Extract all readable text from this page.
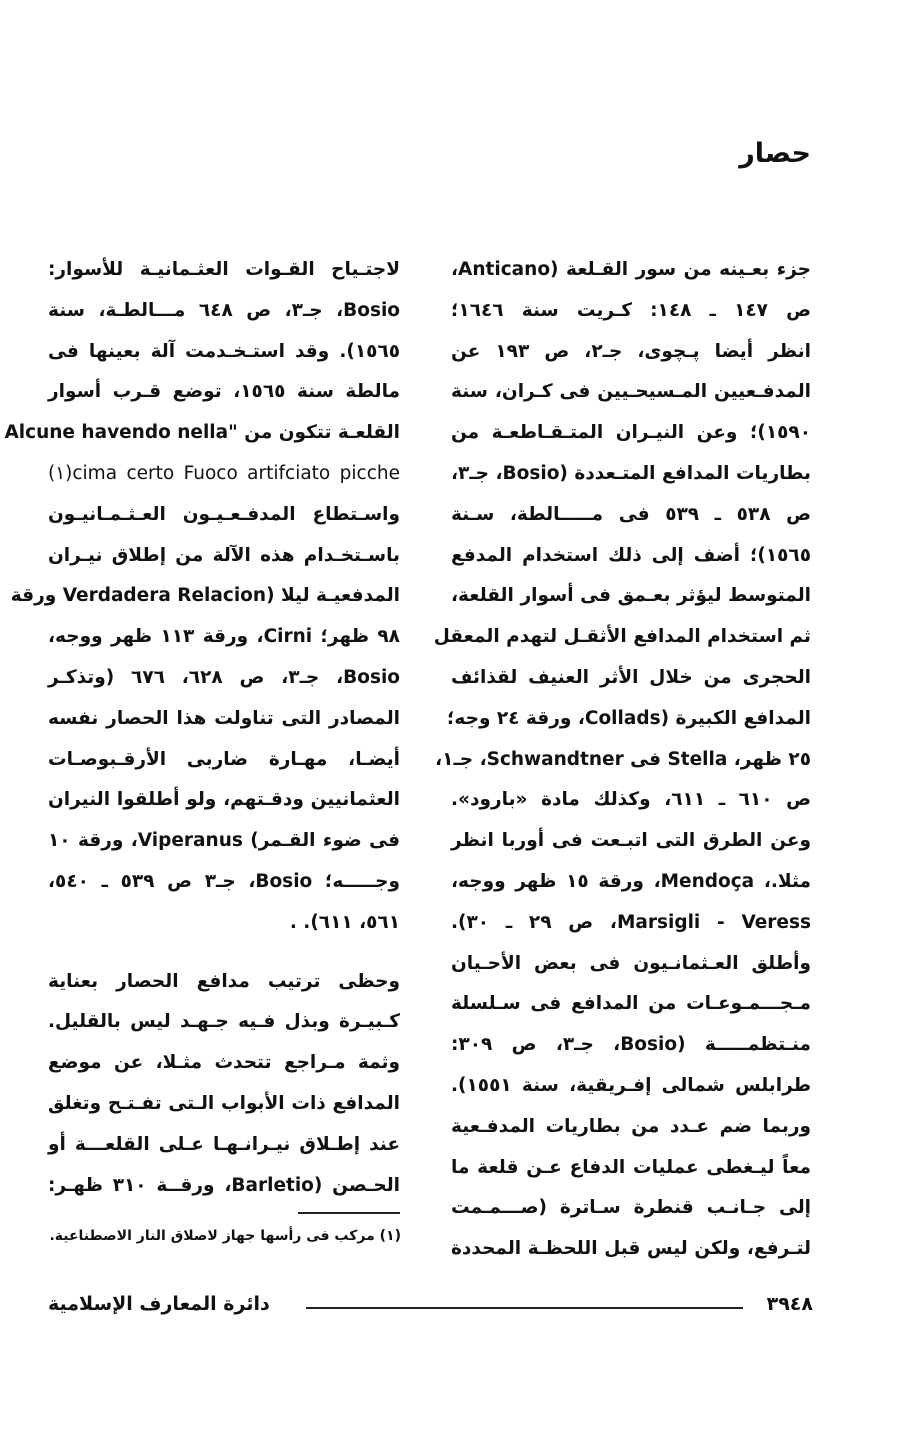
حصار
جزء بعـينه من سور القـلعة (Anticano،
ص ١٤٧ ـ ١٤٨: كـريت سنة ١٦٤٦؛
انظر أيضا پـچوى، جـ٢، ص ١٩٣ عن
المدفـعيين المـسيحـيين فى كـران، سنة
١٥٩٠)؛ وعن النيـران المتـقـاطعـة من
بطاريات المدافع المتـعددة (Bosio، جـ٣،
ص ٥٣٨ ـ ٥٣٩ فى مـــــالطة، سـنة
١٥٦٥)؛ أضف إلى ذلك استخدام المدفع
المتوسط ليؤثر بعـمق فى أسوار القلعة،
ثم استخدام المدافع الأثقـل لتهدم المعقل
الحجرى من خلال الأثر العنيف لقذائف
المدافع الكبيرة (Collads، ورقة ٢٤ وجه؛
٢٥ ظهر، Stella فى Schwandtner، جـ١،
ص ٦١٠ ـ ٦١١، وكذلك مادة «بارود».
وعن الطرق التى اتبـعت فى أوربا انظر
مثلا.، Mendoça، ورقة ١٥ ظهر ووجه،
Marsigli - Veress، ص ٢٩ ـ ٣٠).
وأطلق العـثمانـيون فى بعض الأحـيان
مـجـــمـوعـات من المدافع فى سـلسلة
منـتظمـــــة (Bosio، جـ٣، ص ٣٠٩:
طرابلس شمالى إفـريقية، سنة ١٥٥١).
وربما ضم عـدد من بطاريات المدفـعية
معاً ليـغطى عمليات الدفاع عـن قلعة ما
إلى جـانـب قنطرة سـاترة (صـــمـمت
لتـرفع، ولكن ليس قبل اللحظـة المحددة
لاجتـياح القـوات العثـمانيـة للأسوار:
Bosio، جـ٣، ص ٦٤٨ مـــالطـة، سنة
١٥٦٥). وقد استـخـدمت آلة بعينها فى
مالطة سنة ١٥٦٥، توضع قـرب أسوار
القلعـة تتكون من "Alcune havendo nella
cima certo Fuoco artifciato picche(١)
واسـتطاع المدفـعـيـون العـثـمـانيـون
باسـتخـدام هذه الآلة من إطلاق نيـران
المدفعيـة ليلا (Verdadera Relacion ورقة
٩٨ ظهر؛ Cirni، ورقة ١١٣ ظهر ووجه،
Bosio، جـ٣، ص ٦٢٨، ٦٧٦ (وتذكـر
المصادر التى تناولت هذا الحصار نفسه
أيضـا، مهـارة ضاربى الأرقـبوصـات
العثمانيين ودقـتهم، ولو أطلقوا النيران
فى ضوء القـمر) Viperanus، ورقة ١٠
وجـــــه؛ Bosio، جـ٣ ص ٥٣٩ ـ ٥٤٠،
٥٦١، ٦١١). .
وحظى ترتيب مدافع الحصار بعناية
كـبيـرة وبذل فـيه جـهـد ليس بالقليل.
وثمة مـراجع تتحدث مثـلا، عن موضع
المدافع ذات الأبواب الـتى تفـتـح وتغلق
عند إطـلاق نيـرانـهـا عـلى القلعـــة أو
الحـصن (Barletio، ورقــة ٣١٠ ظهـر:
(١) مركب فى رأسها جهاز لاصلاق النار الاصطناعية.
٣٩٤٨
دائرة المعارف الإسلامية
